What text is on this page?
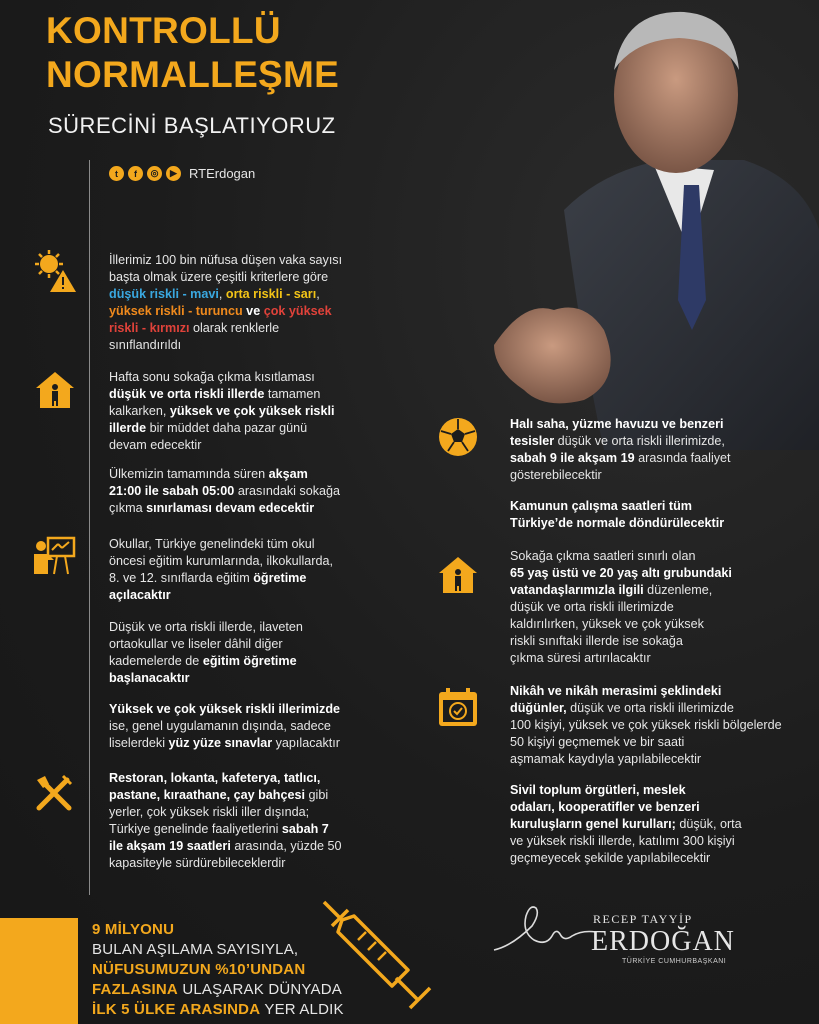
KONTROLLÜ
NORMALLEŞME
SÜRECİNİ BAŞLATIYORUZ
t	f	◎	▶ RTErdogan
İllerimiz 100 bin nüfusa düşen vaka sayısı
başta olmak üzere çeşitli kriterlere göre
düşük riskli - mavi, orta riskli - sarı,
yüksek riskli - turuncu ve çok yüksek
riskli - kırmızı olarak renklerle
sınıflandırıldı
Hafta sonu sokağa çıkma kısıtlaması
düşük ve orta riskli illerde tamamen
kalkarken, yüksek ve çok yüksek riskli
illerde bir müddet daha pazar günü
devam edecektir
Ülkemizin tamamında süren akşam
21:00 ile sabah 05:00 arasındaki sokağa
çıkma sınırlaması devam edecektir
Okullar, Türkiye genelindeki tüm okul
öncesi eğitim kurumlarında, ilkokullarda,
8. ve 12. sınıflarda eğitim öğretime
açılacaktır
Düşük ve orta riskli illerde, ilaveten
ortaokullar ve liseler dâhil diğer
kademelerde de eğitim öğretime
başlanacaktır
Yüksek ve çok yüksek riskli illerimizde
ise, genel uygulamanın dışında, sadece
liselerdeki yüz yüze sınavlar yapılacaktır
Restoran, lokanta, kafeterya, tatlıcı,
pastane, kıraathane, çay bahçesi gibi
yerler, çok yüksek riskli iller dışında;
Türkiye genelinde faaliyetlerini sabah 7
ile akşam 19 saatleri arasında, yüzde 50
kapasiteyle sürdürebileceklerdir
Halı saha, yüzme havuzu ve benzeri
tesisler düşük ve orta riskli illerimizde,
sabah 9 ile akşam 19 arasında faaliyet
gösterebilecektir
Kamunun çalışma saatleri tüm
Türkiye’de normale döndürülecektir
Sokağa çıkma saatleri sınırlı olan
65 yaş üstü ve 20 yaş altı grubundaki
vatandaşlarımızla ilgili düzenleme,
düşük ve orta riskli illerimizde
kaldırılırken, yüksek ve çok yüksek
riskli sınıftaki illerde ise sokağa
çıkma süresi artırılacaktır
Nikâh ve nikâh merasimi şeklindeki
düğünler, düşük ve orta riskli illerimizde
100 kişiyi, yüksek ve çok yüksek riskli bölgelerde
50 kişiyi geçmemek ve bir saati
aşmamak kaydıyla yapılabilecektir
Sivil toplum örgütleri, meslek
odaları, kooperatifler ve benzeri
kuruluşların genel kurulları; düşük, orta
ve yüksek riskli illerde, katılımı 300 kişiyi
geçmeyecek şekilde yapılabilecektir
9 MİLYONU
BULAN AŞILAMA SAYISIYLA,
NÜFUSUMUZUN %10’UNDAN
FAZLASINA ULAŞARAK DÜNYADA
İLK 5 ÜLKE ARASINDA YER ALDIK
RECEP TAYYİP
ERDOĞAN
TÜRKİYE CUMHURBAŞKANI
